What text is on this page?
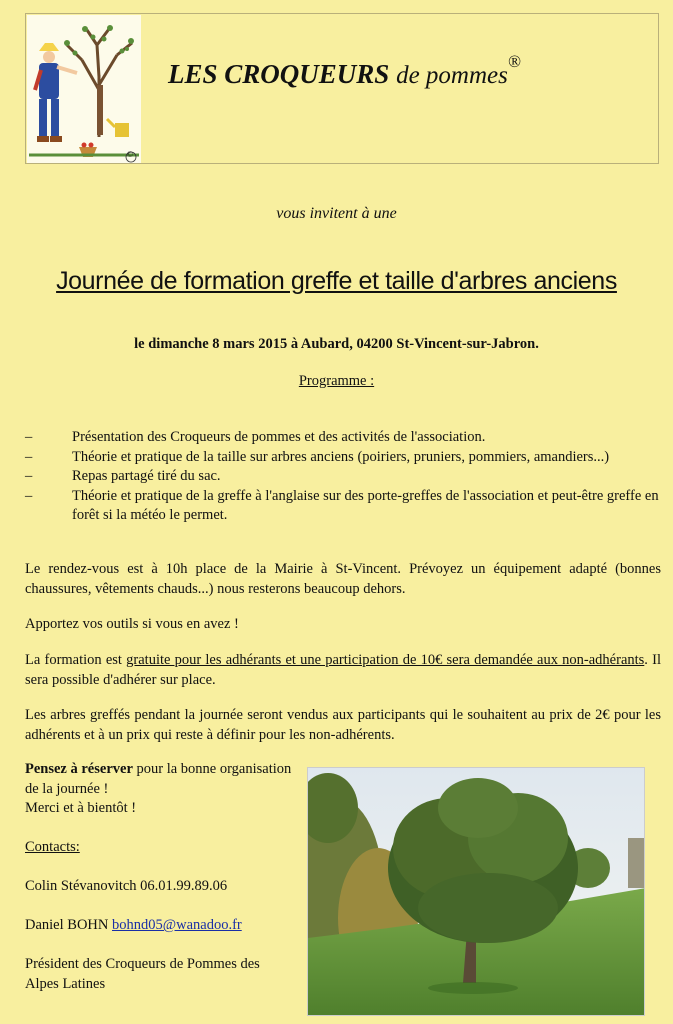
©
LES CROQUEURS de pommes®
vous invitent à une
Journée de formation greffe et taille d'arbres anciens
le dimanche 8 mars 2015 à Aubard, 04200 St-Vincent-sur-Jabron.
Programme :
–	Présentation des Croqueurs de pommes et des activités de l'association.
–	Théorie et pratique de la taille sur arbres anciens (poiriers, pruniers, pommiers, amandiers...)
–	Repas partagé tiré du sac.
–	Théorie et pratique de la greffe à l'anglaise sur des porte-greffes de l'association et peut-être greffe en forêt si la météo le permet.
Le rendez-vous est à 10h place de la Mairie à St-Vincent. Prévoyez un équipement adapté (bonnes chaussures, vêtements chauds...) nous resterons beaucoup dehors.
Apportez vos outils si vous en avez !
La formation est gratuite pour les adhérants et une participation de 10€ sera demandée aux non-adhérants. Il sera possible d'adhérer sur place.
Les arbres greffés pendant la journée seront vendus aux participants qui le souhaitent au prix de 2€ pour les adhérents et à un prix qui reste à définir pour les non-adhérents.

Pensez à réserver pour la bonne organisation de la journée !

Merci et à bientôt !

Contacts:

Colin Stévanovitch 06.01.99.89.06

Daniel BOHN bohnd05@wanadoo.fr

Président des Croqueurs de Pommes des Alpes Latines
